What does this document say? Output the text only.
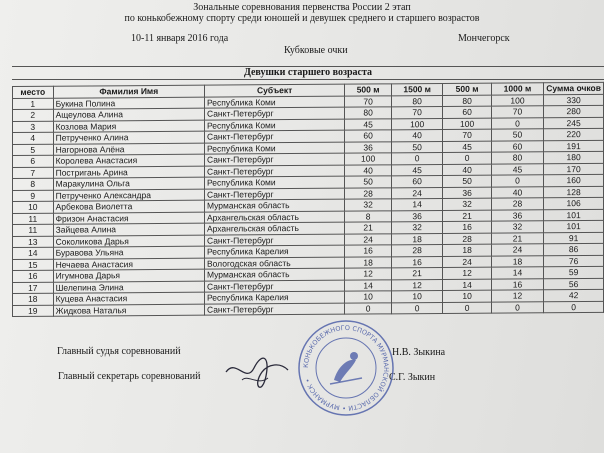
Зональные соревнования первенства России 2 этап
по конькобежному спорту среди юношей и девушек среднего и старшего возрастов
10-11 января 2016 года	Мончегорск
Кубковые очки
Девушки старшего возраста
место	Фамилия Имя	Субъект	500 м	1500 м	500 м	1000 м	Сумма очков
1	Букина Полина	Республика Коми	70	80	80	100	330
2	Ащеулова Алина	Санкт-Петербург	80	70	60	70	280
3	Козлова Мария	Республика Коми	45	100	100	0	245
4	Петрученко Алина	Санкт-Петербург	60	40	70	50	220
5	Нагорнова Алёна	Республика Коми	36	50	45	60	191
6	Королева Анастасия	Санкт-Петербург	100	0	0	80	180
7	Постригань Арина	Санкт-Петербург	40	45	40	45	170
8	Маракулина Ольга	Республика Коми	50	60	50	0	160
9	Петрученко Александра	Санкт-Петербург	28	24	36	40	128
10	Арбекова Виолетта	Мурманская область	32	14	32	28	106
11	Фризон Анастасия	Архангельская область	8	36	21	36	101
11	Зайцева Алина	Архангельская область	21	32	16	32	101
13	Соколикова Дарья	Санкт-Петербург	24	18	28	21	91
14	Буравова Ульяна	Республика Карелия	16	28	18	24	86
15	Нечаева Анастасия	Вологодская область	18	16	24	18	76
16	Игумнова Дарья	Мурманская область	12	21	12	14	59
17	Шелепина Элина	Санкт-Петербург	14	12	14	16	56
18	Куцева Анастасия	Республика Карелия	10	10	10	12	42
19	Жидкова Наталья	Санкт-Петербург	0	0	0	0	0
Главный судья соревнований	Н.В. Зыкина
Главный секретарь соревнований	С.Г. Зыкин
КОНЬКОБЕЖНОГО СПОРТА МУРМАНСКОЙ ОБЛАСТИ • МУРМАНСК •
